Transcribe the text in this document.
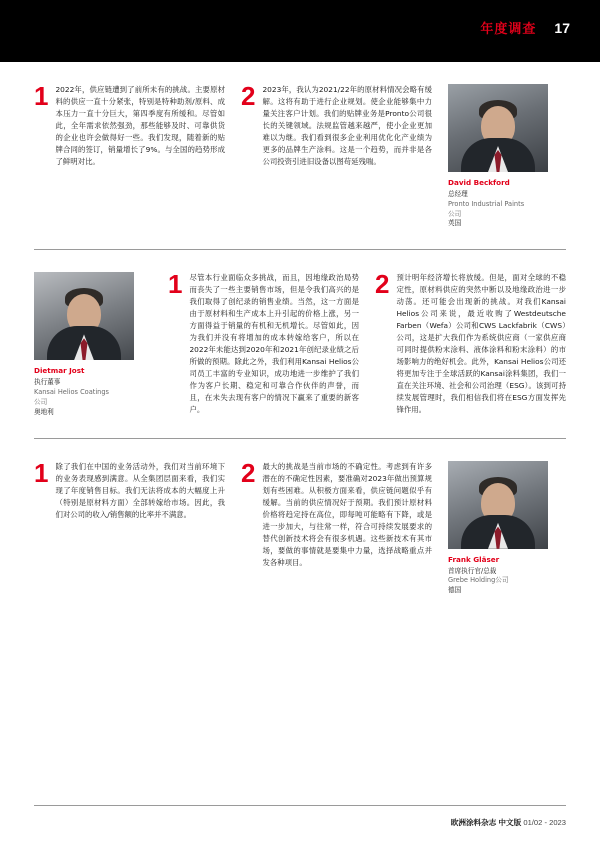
年度调查 17
1 2022年，供应链遭到了前所未有的挑战。主要原材料的供应一直十分紧张，特别是特种助剂/原料、成本压力一直十分巨大，第四季度有所缓和。尽管如此，全年需求依然强劲，那些能够及时、可靠供货的企业也许会做得好一些。我们发现，随着新的贴牌合同的签订，销量增长了9%。与全国的趋势形成了鲜明对比。
2 2023年，我认为2021/22年的原材料情况会略有缓解。这将有助于进行企业规划。使企业能够集中力量关注客户计划。我们的贴牌业务是Pronto公司很长的关键领域。法规监管越来越严，使小企业更加难以为继。我们看到很多企业利用优化化产业绩为更多的品牌生产涂料。这是一个趋势，而并非是各公司投资引进旧设备以图苟延残喘。
David Beckford
总经理
Pronto Industrial Paints
公司
英国
Dietmar Jost
执行董事
Kansai Helios Coatings
公司
奥地利
1 尽管本行业面临众多挑战，而且，因地缘政治局势而丧失了一些主要销售市场，但是令我们高兴的是我们取得了创纪录的销售业绩。当然，这一方面是由于原材料和生产成本上升引起的价格上涨，另一方面得益于销量的有机和无机增长。尽管如此，因为我们并没有将增加的成本转嫁给客户，所以在2022年未能达到2020年和2021年创纪录业绩之后所做的预期。除此之外，我们利用Kansai Helios公司员工丰富的专业知识，成功地进一步维护了我们作为客户长期、稳定和可靠合作伙伴的声誉，而且，在未失去现有客户的情况下赢来了重要的新客户。
2 预计明年经济增长将放缓。但是，面对全球的不稳定性，原材料供应的突然中断以及地缘政治进一步动荡。还可能会出现新的挑战。对我们Kansai Helios公司来说，最近收购了Westdeutsche Farben（Wefa）公司和CWS Lackfabrik（CWS）公司，这是扩大我们作为系统供应商（一家供应商可同时提供粉末涂料、液体涂料和粉末涂料）的市场影响力的绝好机会。此外，Kansai Helios公司还将更加专注于全球活跃的Kansai涂料集团，我们一直在关注环境、社会和公司治理（ESG）。该到可持续发展管理时，我们相信我们将在ESG方面发挥先锋作用。
1 除了我们在中国的业务活动外，我们对当前环境下的业务表现感到满意。从全集团层面来看，我们实现了年度销售目标。我们无法将成本的大幅度上升（特别是原材料方面）全部转嫁给市场。因此，我们对公司的收入/销售额的比率并不满意。
2 最大的挑战是当前市场的不确定性。考虑到有许多潜在的不确定性因素，要准确对2023年做出预算规划有些困难。从积极方面来看，供应链问题似乎有缓解。当前的供应情况好于预期。我们预计原材料价格将趋定持在高位，即每吨可能略有下降，或是进一步加大，与往常一样，符合可持续发展要求的替代创新技术将会有很多机遇。这些新技术有其市场，要做的事情就是要集中力量，选择战略重点并发各种项目。	Frank Gläser
首席执行官/总裁
Grebe Holding公司
德国
欧洲涂料杂志 中文版 01/02 - 2023
